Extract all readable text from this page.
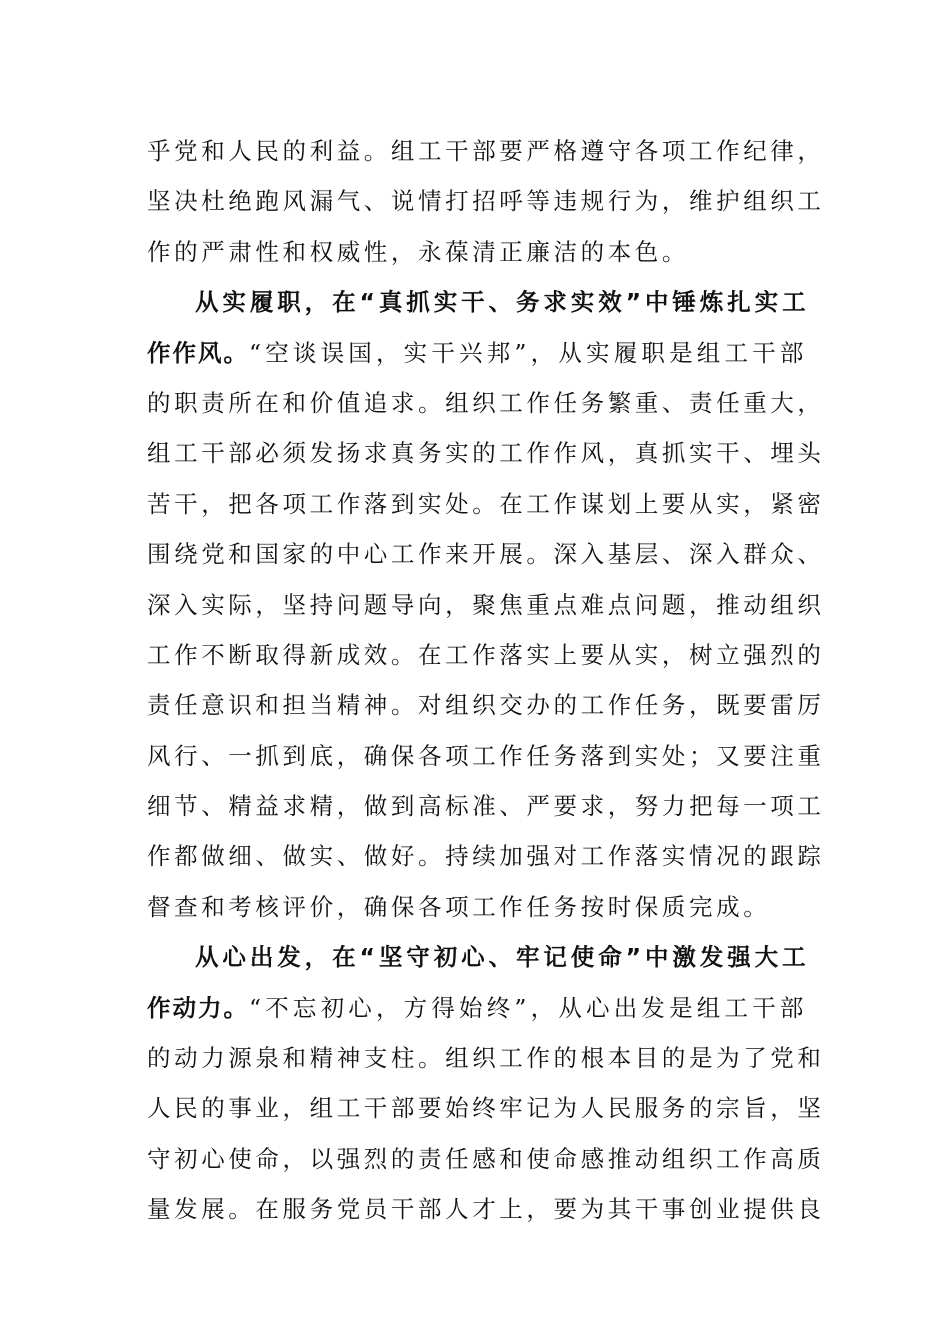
乎党和人民的利益。组工干部要严格遵守各项工作纪律，
坚决杜绝跑风漏气、说情打招呼等违规行为，维护组织工
作的严肃性和权威性，永葆清正廉洁的本色。
从实履职，在“真抓实干、务求实效”中锤炼扎实工
作作风。“空谈误国，实干兴邦”，从实履职是组工干部
的职责所在和价值追求。组织工作任务繁重、责任重大，
组工干部必须发扬求真务实的工作作风，真抓实干、埋头
苦干，把各项工作落到实处。在工作谋划上要从实，紧密
围绕党和国家的中心工作来开展。深入基层、深入群众、
深入实际，坚持问题导向，聚焦重点难点问题，推动组织
工作不断取得新成效。在工作落实上要从实，树立强烈的
责任意识和担当精神。对组织交办的工作任务，既要雷厉
风行、一抓到底，确保各项工作任务落到实处；又要注重
细节、精益求精，做到高标准、严要求，努力把每一项工
作都做细、做实、做好。持续加强对工作落实情况的跟踪
督查和考核评价，确保各项工作任务按时保质完成。
从心出发，在“坚守初心、牢记使命”中激发强大工
作动力。“不忘初心，方得始终”，从心出发是组工干部
的动力源泉和精神支柱。组织工作的根本目的是为了党和
人民的事业，组工干部要始终牢记为人民服务的宗旨，坚
守初心使命，以强烈的责任感和使命感推动组织工作高质
量发展。在服务党员干部人才上，要为其干事创业提供良
